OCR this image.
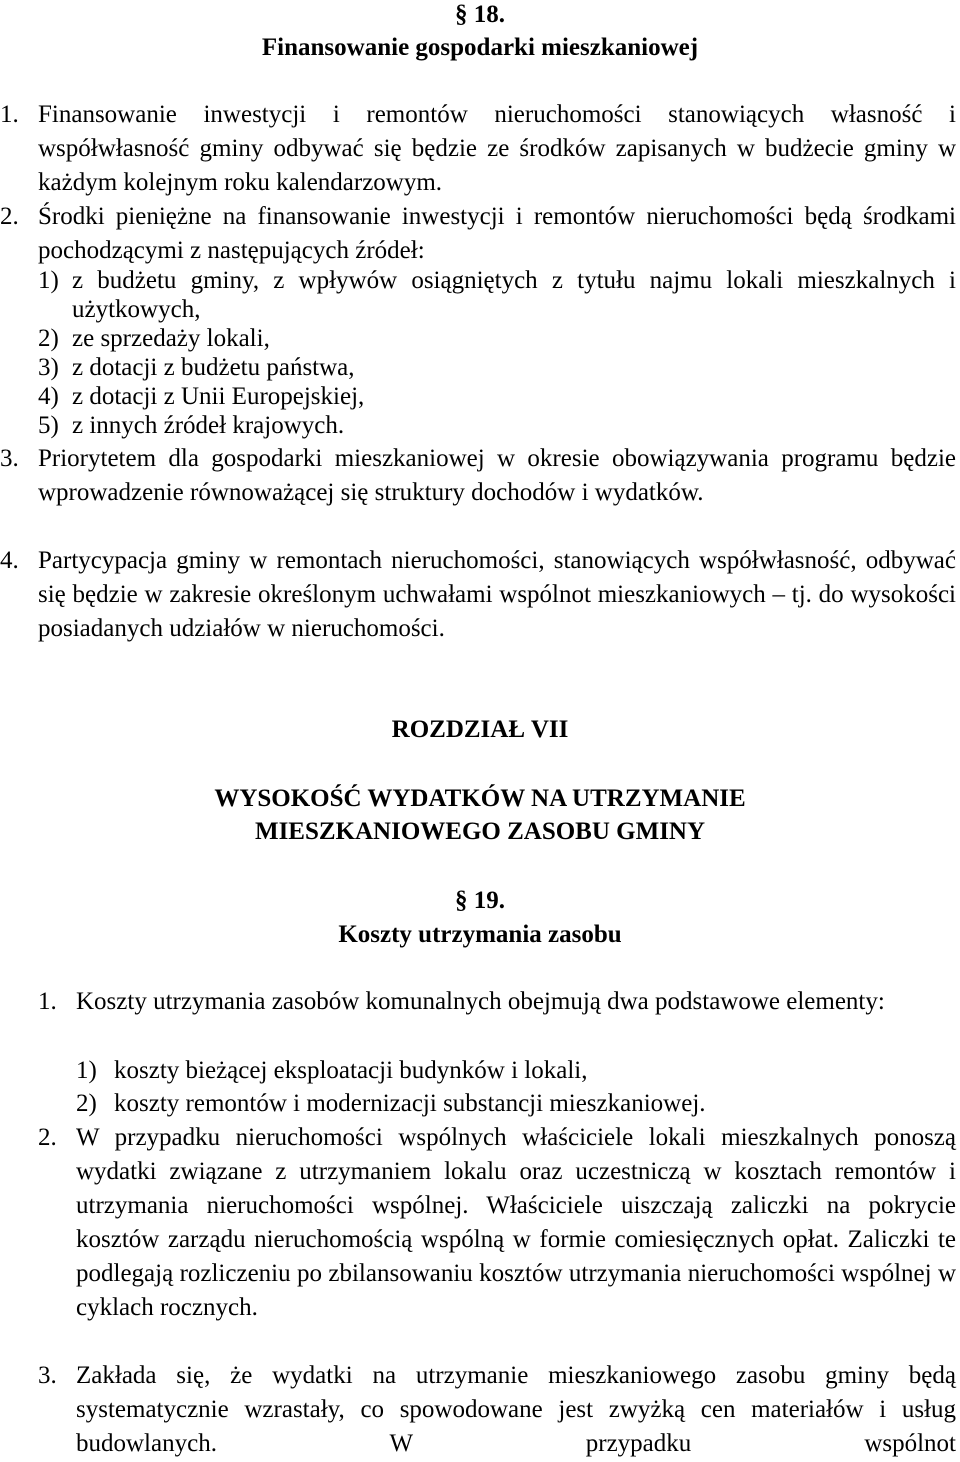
§ 18.
Finansowanie gospodarki mieszkaniowej
1. Finansowanie inwestycji i remontów nieruchomości stanowiących własność i współwłasność gminy odbywać się będzie ze środków zapisanych w budżecie gminy w każdym kolejnym roku kalendarzowym.
2. Środki pieniężne na finansowanie inwestycji i remontów nieruchomości będą środkami pochodzącymi z następujących źródeł:
1) z budżetu gminy, z wpływów osiągniętych z tytułu najmu lokali mieszkalnych i użytkowych,
2) ze sprzedaży lokali,
3) z dotacji z budżetu państwa,
4) z dotacji z Unii Europejskiej,
5) z innych źródeł krajowych.
3. Priorytetem dla gospodarki mieszkaniowej w okresie obowiązywania programu będzie wprowadzenie równoważącej się struktury dochodów i wydatków.
4. Partycypacja gminy w remontach nieruchomości, stanowiących współwłasność, odbywać się będzie w zakresie określonym uchwałami wspólnot mieszkaniowych – tj. do wysokości posiadanych udziałów w nieruchomości.
ROZDZIAŁ VII
WYSOKOŚĆ WYDATKÓW NA UTRZYMANIE
MIESZKANIOWEGO ZASOBU GMINY
§ 19.
Koszty utrzymania zasobu
1. Koszty utrzymania zasobów komunalnych obejmują dwa podstawowe elementy:
1) koszty bieżącej eksploatacji budynków i lokali,
2) koszty remontów i modernizacji substancji mieszkaniowej.
2. W przypadku nieruchomości wspólnych właściciele lokali mieszkalnych ponoszą wydatki związane z utrzymaniem lokalu oraz uczestniczą w kosztach remontów i utrzymania nieruchomości wspólnej. Właściciele uiszczają zaliczki na pokrycie kosztów zarządu nieruchomością wspólną w formie comiesięcznych opłat. Zaliczki te podlegają rozliczeniu po zbilansowaniu kosztów utrzymania nieruchomości wspólnej w cyklach rocznych.
3. Zakłada się, że wydatki na utrzymanie mieszkaniowego zasobu gminy będą systematycznie wzrastały, co spowodowane jest zwyżką cen materiałów i usług budowlanych. W przypadku wspólnot
